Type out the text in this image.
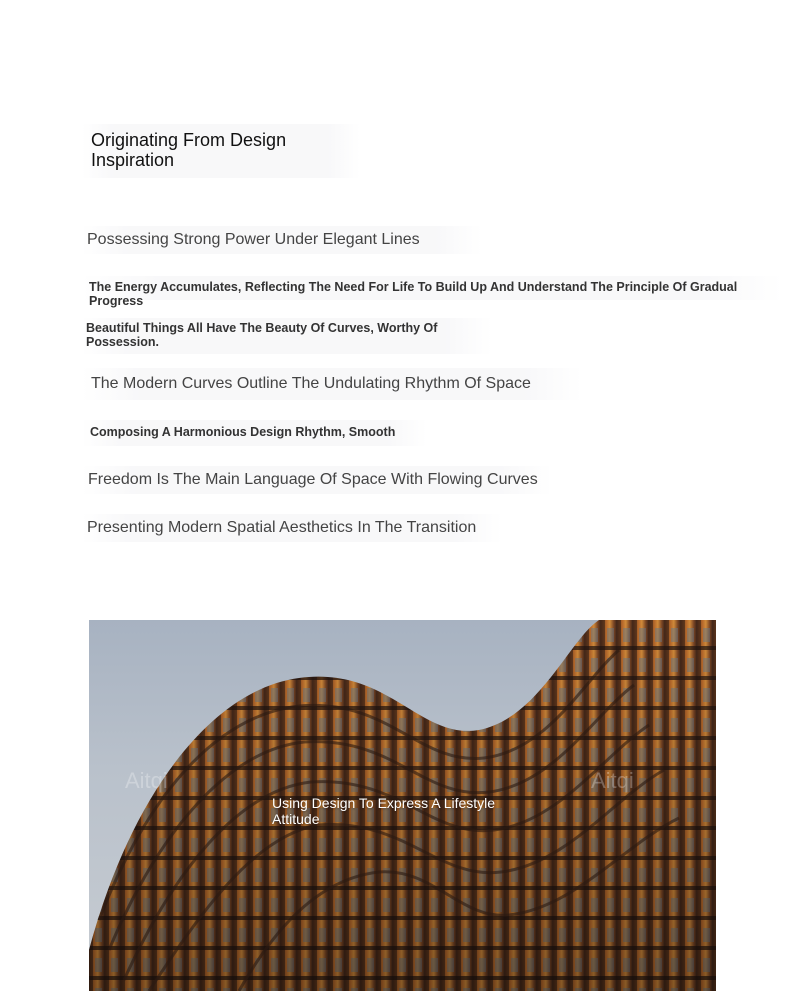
Originating From Design Inspiration
Possessing Strong Power Under Elegant Lines
The Energy Accumulates, Reflecting The Need For Life To Build Up And Understand The Principle Of Gradual Progress
Beautiful Things All Have The Beauty Of Curves, Worthy Of Possession.
The Modern Curves Outline The Undulating Rhythm Of Space
Composing A Harmonious Design Rhythm, Smooth
Freedom Is The Main Language Of Space With Flowing Curves
Presenting Modern Spatial Aesthetics In The Transition
Aitqi	Aitqi
Using Design To Express A Lifestyle Attitude
